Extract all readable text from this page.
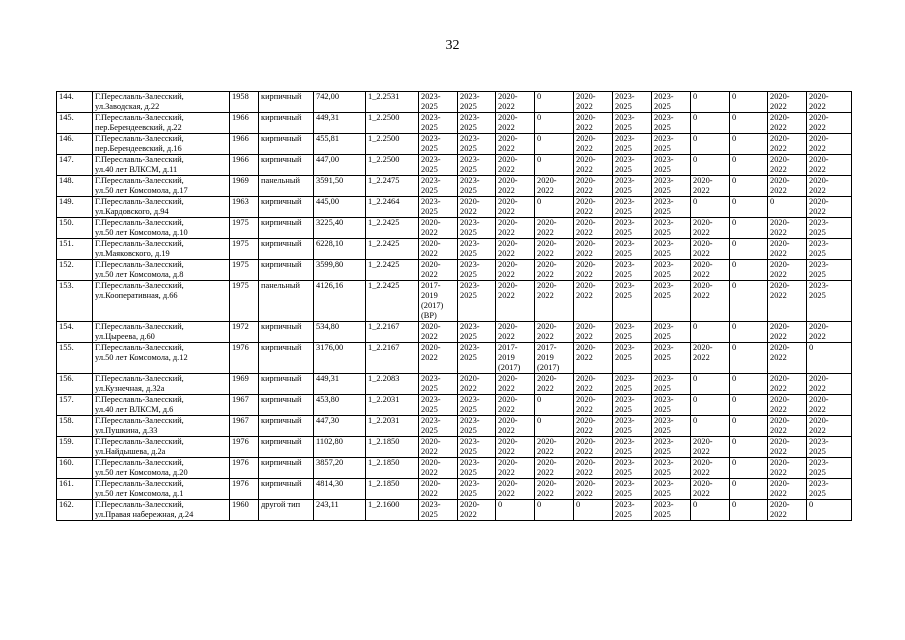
32
144.	Г.Переславль-Залесский,
ул.Заводская, д.22	1958	кирпичный	742,00	1_2.2531	2023-
2025	2023-
2025	2020-
2022	0	2020-
2022	2023-
2025	2023-
2025	0	0	2020-
2022	2020-
2022
145.	Г.Переславль-Залесский,
пер.Берендеевский, д.22	1966	кирпичный	449,31	1_2.2500	2023-
2025	2023-
2025	2020-
2022	0	2020-
2022	2023-
2025	2023-
2025	0	0	2020-
2022	2020-
2022
146.	Г.Переславль-Залесский,
пер.Берендеевский, д.16	1966	кирпичный	455,81	1_2.2500	2023-
2025	2023-
2025	2020-
2022	0	2020-
2022	2023-
2025	2023-
2025	0	0	2020-
2022	2020-
2022
147.	Г.Переславль-Залесский,
ул.40 лет ВЛКСМ, д.11	1966	кирпичный	447,00	1_2.2500	2023-
2025	2023-
2025	2020-
2022	0	2020-
2022	2023-
2025	2023-
2025	0	0	2020-
2022	2020-
2022
148.	Г.Переславль-Залесский,
ул.50 лет Комсомола, д.17	1969	панельный	3591,50	1_2.2475	2023-
2025	2023-
2025	2020-
2022	2020-
2022	2020-
2022	2023-
2025	2023-
2025	2020-
2022	0	2020-
2022	2020-
2022
149.	Г.Переславль-Залесский,
ул.Кардовского, д.94	1963	кирпичный	445,00	1_2.2464	2023-
2025	2020-
2022	2020-
2022	0	2020-
2022	2023-
2025	2023-
2025	0	0	0	2020-
2022
150.	Г.Переславль-Залесский,
ул.50 лет Комсомола, д.10	1975	кирпичный	3225,40	1_2.2425	2020-
2022	2023-
2025	2020-
2022	2020-
2022	2020-
2022	2023-
2025	2023-
2025	2020-
2022	0	2020-
2022	2023-
2025
151.	Г.Переславль-Залесский,
ул.Маяковского, д.19	1975	кирпичный	6228,10	1_2.2425	2020-
2022	2023-
2025	2020-
2022	2020-
2022	2020-
2022	2023-
2025	2023-
2025	2020-
2022	0	2020-
2022	2023-
2025
152.	Г.Переславль-Залесский,
ул.50 лет Комсомола, д.8	1975	кирпичный	3599,80	1_2.2425	2020-
2022	2023-
2025	2020-
2022	2020-
2022	2020-
2022	2023-
2025	2023-
2025	2020-
2022	0	2020-
2022	2023-
2025
153.	Г.Переславль-Залесский,
ул.Кооперативная, д.66	1975	панельный	4126,16	1_2.2425	2017-
2019
(2017)
(ВР)	2023-
2025	2020-
2022	2020-
2022	2020-
2022	2023-
2025	2023-
2025	2020-
2022	0	2020-
2022	2023-
2025
154.	Г.Переславль-Залесский,
ул.Цыреева, д.60	1972	кирпичный	534,80	1_2.2167	2020-
2022	2023-
2025	2020-
2022	2020-
2022	2020-
2022	2023-
2025	2023-
2025	0	0	2020-
2022	2020-
2022
155.	Г.Переславль-Залесский,
ул.50 лет Комсомола, д.12	1976	кирпичный	3176,00	1_2.2167	2020-
2022	2023-
2025	2017-
2019
(2017)	2017-
2019
(2017)	2020-
2022	2023-
2025	2023-
2025	2020-
2022	0	2020-
2022	0
156.	Г.Переславль-Залесский,
ул.Кузнечная, д.32а	1969	кирпичный	449,31	1_2.2083	2023-
2025	2020-
2022	2020-
2022	2020-
2022	2020-
2022	2023-
2025	2023-
2025	0	0	2020-
2022	2020-
2022
157.	Г.Переславль-Залесский,
ул.40 лет ВЛКСМ, д.6	1967	кирпичный	453,80	1_2.2031	2023-
2025	2023-
2025	2020-
2022	0	2020-
2022	2023-
2025	2023-
2025	0	0	2020-
2022	2020-
2022
158.	Г.Переславль-Залесский,
ул.Пушкина, д.33	1967	кирпичный	447,30	1_2.2031	2023-
2025	2023-
2025	2020-
2022	0	2020-
2022	2023-
2025	2023-
2025	0	0	2020-
2022	2020-
2022
159.	Г.Переславль-Залесский,
ул.Найдышева, д.2а	1976	кирпичный	1102,80	1_2.1850	2020-
2022	2023-
2025	2020-
2022	2020-
2022	2020-
2022	2023-
2025	2023-
2025	2020-
2022	0	2020-
2022	2023-
2025
160.	Г.Переславль-Залесский,
ул.50 лет Комсомола, д.20	1976	кирпичный	3857,20	1_2.1850	2020-
2022	2023-
2025	2020-
2022	2020-
2022	2020-
2022	2023-
2025	2023-
2025	2020-
2022	0	2020-
2022	2023-
2025
161.	Г.Переславль-Залесский,
ул.50 лет Комсомола, д.1	1976	кирпичный	4814,30	1_2.1850	2020-
2022	2023-
2025	2020-
2022	2020-
2022	2020-
2022	2023-
2025	2023-
2025	2020-
2022	0	2020-
2022	2023-
2025
162.	Г.Переславль-Залесский,
ул.Правая набережная, д.24	1960	другой тип	243,11	1_2.1600	2023-
2025	2020-
2022	0	0	0	2023-
2025	2023-
2025	0	0	2020-
2022	0
